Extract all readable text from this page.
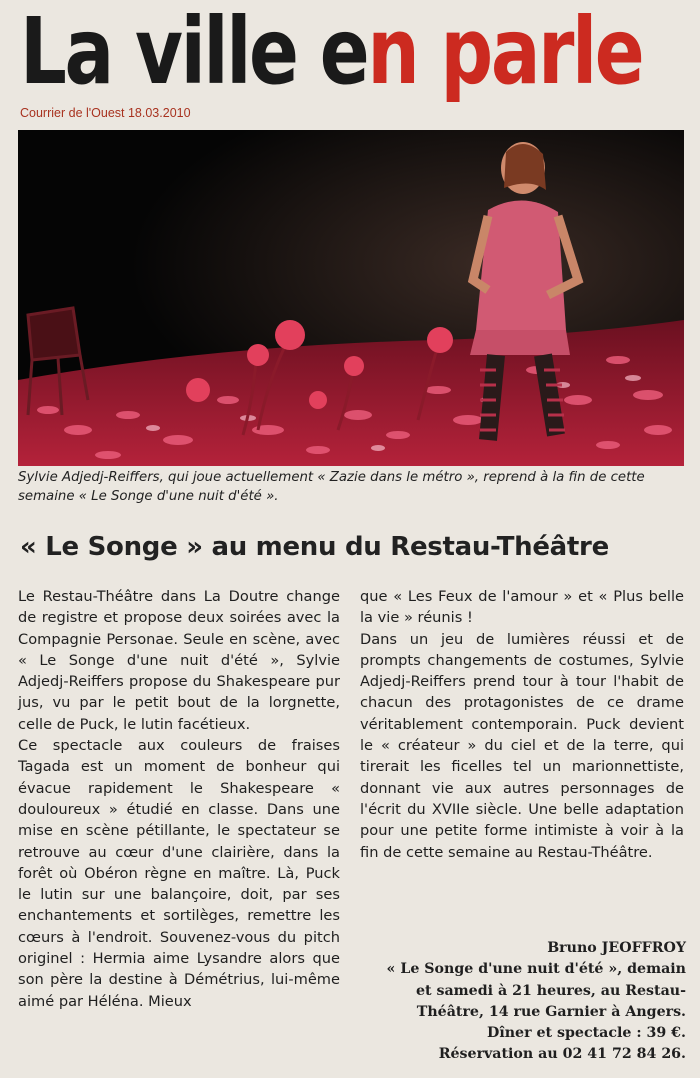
La ville en parle
Courrier de l'Ouest 18.03.2010
Sylvie Adjedj-Reiffers, qui joue actuellement « Zazie dans le métro », reprend à la fin de cette semaine « Le Songe d'une nuit d'été ».
« Le Songe » au menu du Restau-Théâtre

Le Restau-Théâtre dans La Doutre change de registre et propose deux soirées avec la Compagnie Personae. Seule en scène, avec « Le Songe d'une nuit d'été », Sylvie Adjedj-Reiffers propose du Shakespeare pur jus, vu par le petit bout de la lorgnette, celle de Puck, le lutin facétieux.

Ce spectacle aux couleurs de fraises Tagada est un moment de bonheur qui évacue rapidement le Shakespeare « douloureux » étudié en classe. Dans une mise en scène pétillante, le spectateur se retrouve au cœur d'une clairière, dans la forêt où Obéron règne en maître. Là, Puck le lutin sur une balançoire, doit, par ses enchantements et sortilèges, remettre les cœurs à l'endroit. Souvenez-vous du pitch originel : Hermia aime Lysandre alors que son père la destine à Démétrius, lui-même aimé par Héléna. Mieux

que « Les Feux de l'amour » et « Plus belle la vie » réunis !

Dans un jeu de lumières réussi et de prompts changements de costumes, Sylvie Adjedj-Reiffers prend tour à tour l'habit de chacun des protagonistes de ce drame véritablement contemporain. Puck devient le « créateur » du ciel et de la terre, qui tirerait les ficelles tel un marionnettiste, donnant vie aux autres personnages de l'écrit du XVIIe siècle. Une belle adaptation pour une petite forme intimiste à voir à la fin de cette semaine au Restau-Théâtre.

Bruno JEOFFROY
« Le Songe d'une nuit d'été », demain
et samedi à 21 heures, au Restau-
Théâtre, 14 rue Garnier à Angers.
Dîner et spectacle : 39 €.
Réservation au 02 41 72 84 26.
